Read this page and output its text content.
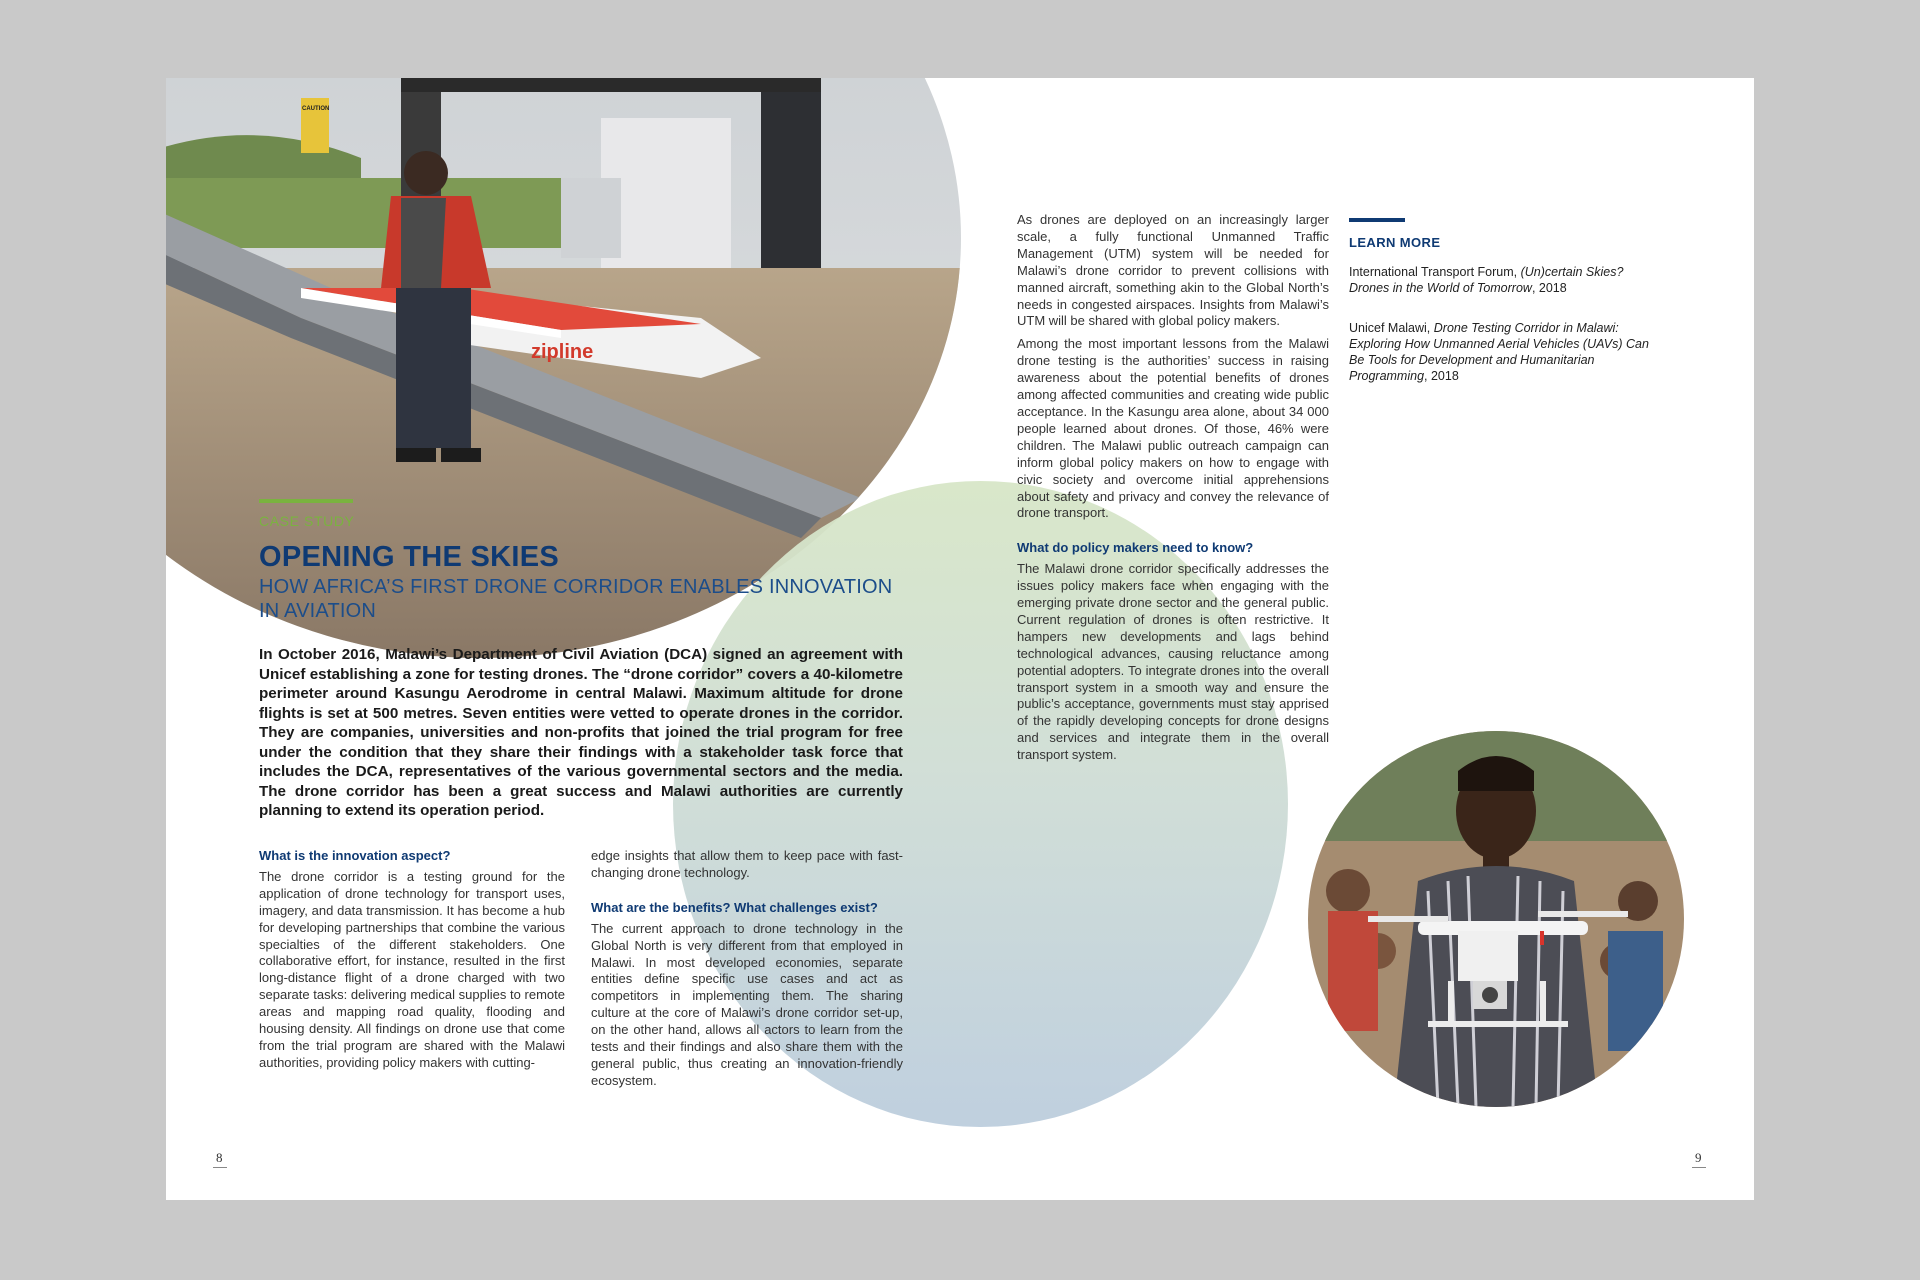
zipline
CAUTION
CASE STUDY
OPENING THE SKIES
HOW AFRICA’S FIRST DRONE CORRIDOR ENABLES INNOVATION IN AVIATION
In October 2016, Malawi’s Department of Civil Aviation (DCA) signed an agreement with Unicef establishing a zone for testing drones. The “drone corridor” covers a 40-kilometre perimeter around Kasungu Aerodrome in central Malawi. Maximum altitude for drone flights is set at 500 metres. Seven entities were vetted to operate drones in the corridor. They are companies, universities and non-profits that joined the trial program for free under the condition that they share their findings with a stakeholder task force that includes the DCA, representatives of the various governmental sectors and the media. The drone corridor has been a great success and Malawi authorities are currently planning to extend its operation period.
What is the innovation aspect?

The drone corridor is a testing ground for the application of drone technology for transport uses, imagery, and data transmission. It has become a hub for developing partnerships that combine the various specialties of the different stakeholders. One collaborative effort, for instance, resulted in the first long-distance flight of a drone charged with two separate tasks: delivering medical supplies to remote areas and mapping road quality, flooding and housing density. All findings on drone use that come from the trial program are shared with the Malawi authorities, providing policy makers with cutting-

edge insights that allow them to keep pace with fast-changing drone technology.

What are the benefits? What challenges exist?

The current approach to drone technology in the Global North is very different from that employed in Malawi. In most developed economies, separate entities define specific use cases and act as competitors in implementing them. The sharing culture at the core of Malawi’s drone corridor set-up, on the other hand, allows all actors to learn from the tests and their findings and also share them with the general public, thus creating an innovation-friendly ecosystem.

As drones are deployed on an increasingly larger scale, a fully functional Unmanned Traffic Management (UTM) system will be needed for Malawi’s drone corridor to prevent collisions with manned aircraft, something akin to the Global North’s needs in congested airspaces. Insights from Malawi’s UTM will be shared with global policy makers.

Among the most important lessons from the Malawi drone testing is the authorities’ success in raising awareness about the potential benefits of drones among affected communities and creating wide public acceptance. In the Kasungu area alone, about 34 000 people learned about drones. Of those, 46% were children. The Malawi public outreach campaign can inform global policy makers on how to engage with civic society and overcome initial apprehensions about safety and privacy and convey the relevance of drone transport.

What do policy makers need to know?

The Malawi drone corridor specifically addresses the issues policy makers face when engaging with the emerging private drone sector and the general public. Current regulation of drones is often restrictive. It hampers new developments and lags behind technological advances, causing reluctance among potential adopters. To integrate drones into the overall transport system in a smooth way and ensure the public’s acceptance, governments must stay apprised of the rapidly developing concepts for drone designs and services and integrate them in the overall transport system.

LEARN MORE
International Transport Forum, (Un)certain Skies? Drones in the World of Tomorrow, 2018
Unicef Malawi, Drone Testing Corridor in Malawi: Exploring How Unmanned Aerial Vehicles (UAVs) Can Be Tools for Development and Humanitarian Programming, 2018
8	9
